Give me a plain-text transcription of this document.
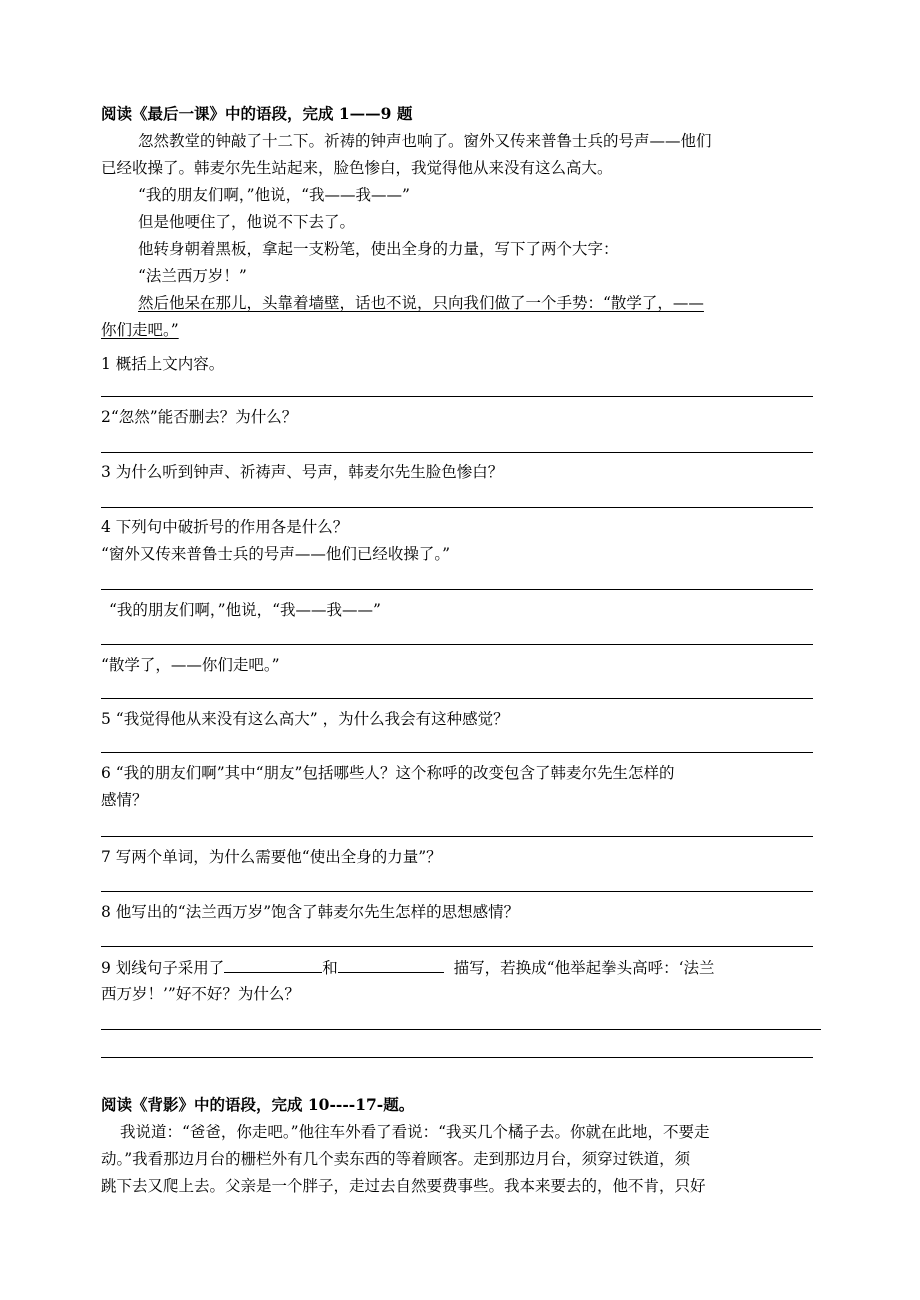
阅读《最后一课》中的语段，完成 1——9 题
忽然教堂的钟敲了十二下。祈祷的钟声也响了。窗外又传来普鲁士兵的号声——他们
已经收操了。韩麦尔先生站起来，脸色惨白，我觉得他从来没有这么高大。
“我的朋友们啊，”他说，“我——我——”
但是他哽住了，他说不下去了。
他转身朝着黑板，拿起一支粉笔，使出全身的力量，写下了两个大字：
“法兰西万岁！”
然后他呆在那儿，头靠着墙壁，话也不说，只向我们做了一个手势：“散学了，——
你们走吧。”
1 概括上文内容。
2“忽然”能否删去？为什么？
3 为什么听到钟声、祈祷声、号声，韩麦尔先生脸色惨白？
4 下列句中破折号的作用各是什么？
“窗外又传来普鲁士兵的号声——他们已经收操了。”
“我的朋友们啊，”他说，“我——我——”
“散学了，——你们走吧。”
5 “我觉得他从来没有这么高大” ，为什么我会有这种感觉？
6 “我的朋友们啊”其中“朋友”包括哪些人？这个称呼的改变包含了韩麦尔先生怎样的
感情？
7 写两个单词，为什么需要他“使出全身的力量”？
8 他写出的“法兰西万岁”饱含了韩麦尔先生怎样的思想感情？
9 划线句子采用了	和	描写，若换成“他举起拳头高呼：‘法兰
西万岁！’”好不好？为什么？
阅读《背影》中的语段，完成 10----17-题。
我说道：“爸爸，你走吧。”他往车外看了看说：“我买几个橘子去。你就在此地，不要走
动。”我看那边月台的栅栏外有几个卖东西的等着顾客。走到那边月台，须穿过铁道，须
跳下去又爬上去。父亲是一个胖子，走过去自然要费事些。我本来要去的，他不肯，只好
